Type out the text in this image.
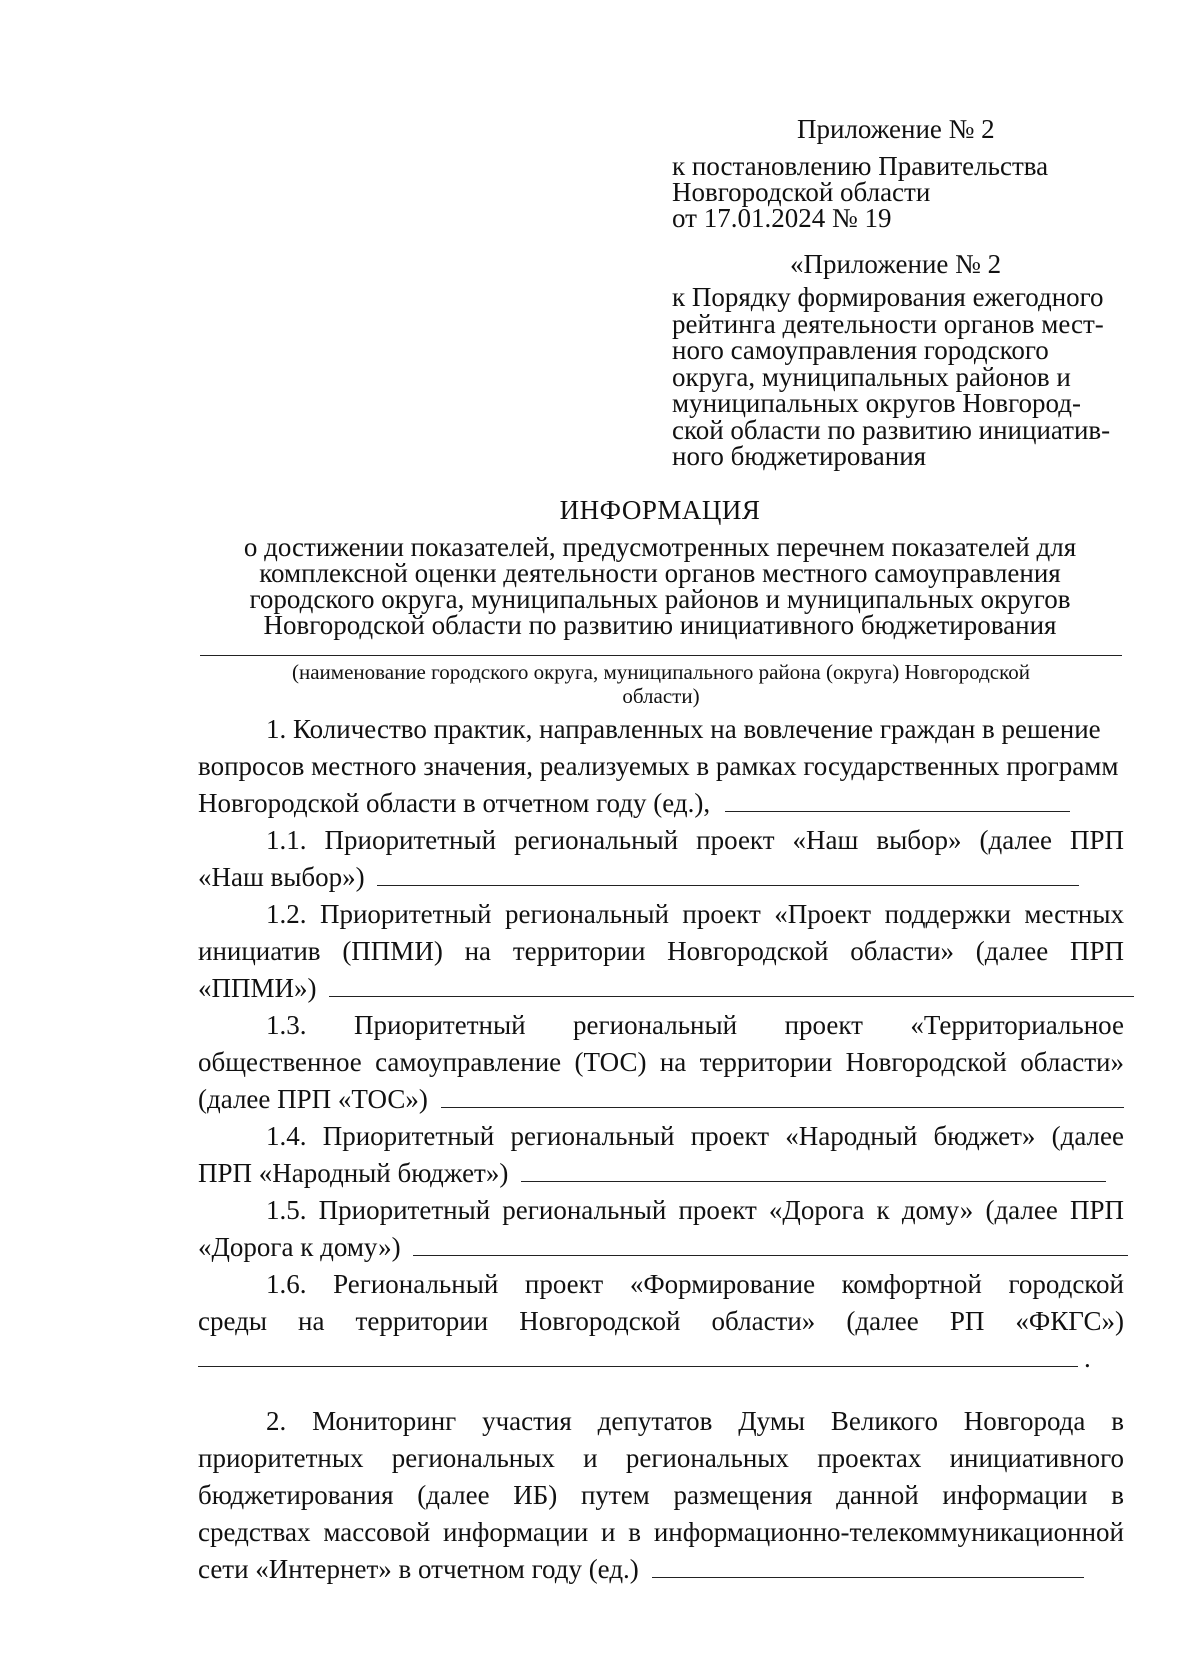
Приложение № 2
к постановлению Правительства
Новгородской области
от 17.01.2024 № 19
«Приложение № 2
к Порядку формирования ежегодного
рейтинга деятельности органов мест-
ного самоуправления городского
округа, муниципальных районов и
муниципальных округов Новгород-
ской области по развитию инициатив-
ного бюджетирования
ИНФОРМАЦИЯ
о достижении показателей, предусмотренных перечнем показателей для
комплексной оценки деятельности органов местного самоуправления
городского округа, муниципальных районов и муниципальных округов
Новгородской области по развитию инициативного бюджетирования
(наименование городского округа, муниципального района (округа) Новгородской
области)
1. Количество практик, направленных на вовлечение граждан в решение
вопросов местного значения, реализуемых в рамках государственных программ
Новгородской области в отчетном году (ед.),
1.1. Приоритетный региональный проект «Наш выбор» (далее ПРП
«Наш выбор»)
1.2. Приоритетный региональный проект «Проект поддержки местных
инициатив (ППМИ) на территории Новгородской области» (далее ПРП
«ППМИ»)
1.3. Приоритетный региональный проект «Территориальное
общественное самоуправление (ТОС) на территории Новгородской области»
(далее ПРП «ТОС»)
1.4. Приоритетный региональный проект «Народный бюджет» (далее
ПРП «Народный бюджет»)
1.5. Приоритетный региональный проект «Дорога к дому» (далее ПРП
«Дорога к дому»)
1.6. Региональный проект «Формирование комфортной городской
среды на территории Новгородской области» (далее РП «ФКГС»)
.
2. Мониторинг участия депутатов Думы Великого Новгорода в
приоритетных региональных и региональных проектах инициативного
бюджетирования (далее ИБ) путем размещения данной информации в
средствах массовой информации и в информационно-телекоммуникационной
сети «Интернет» в отчетном году (ед.)
